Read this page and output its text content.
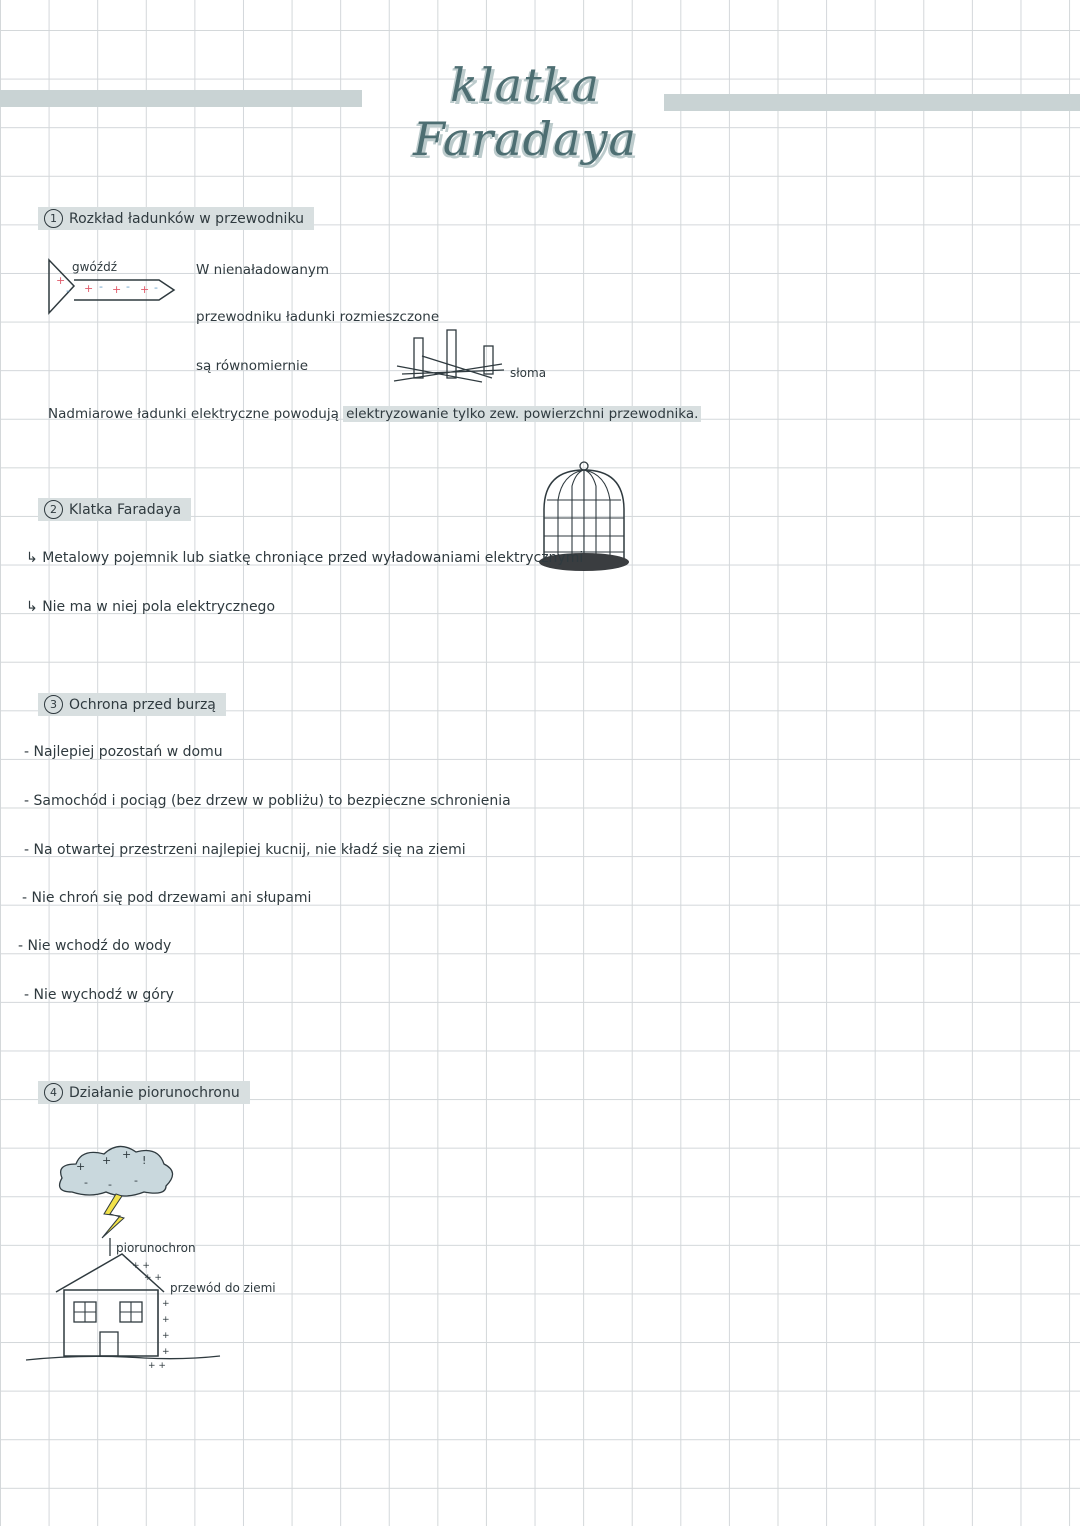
klatka Faradaya
1 Rozkład ładunków w przewodniku
+
- + - + - + -
gwóźdź	W nienaładowanym
przewodniku ładunki rozmieszczone
są równomiernie	słoma
Nadmiarowe ładunki elektryczne powodują elektryzowanie tylko zew. powierzchni przewodnika.
2 Klatka Faradaya
↳ Metalowy pojemnik lub siatkę chroniące przed wyładowaniami elektrycznymi
↳ Nie ma w niej pola elektrycznego
3 Ochrona przed burzą
- Najlepiej pozostań w domu
- Samochód i pociąg (bez drzew w pobliżu) to bezpieczne schronienia
- Na otwartej przestrzeni najlepiej kucnij, nie kładź się na ziemi
- Nie chroń się pod drzewami ani słupami
- Nie wchodź do wody
- Nie wychodź w góry
4 Działanie piorunochronu
+ + + !
- - -
+ +
+ +
+
+
+
+
+ +
piorunochron
przewód do ziemi
